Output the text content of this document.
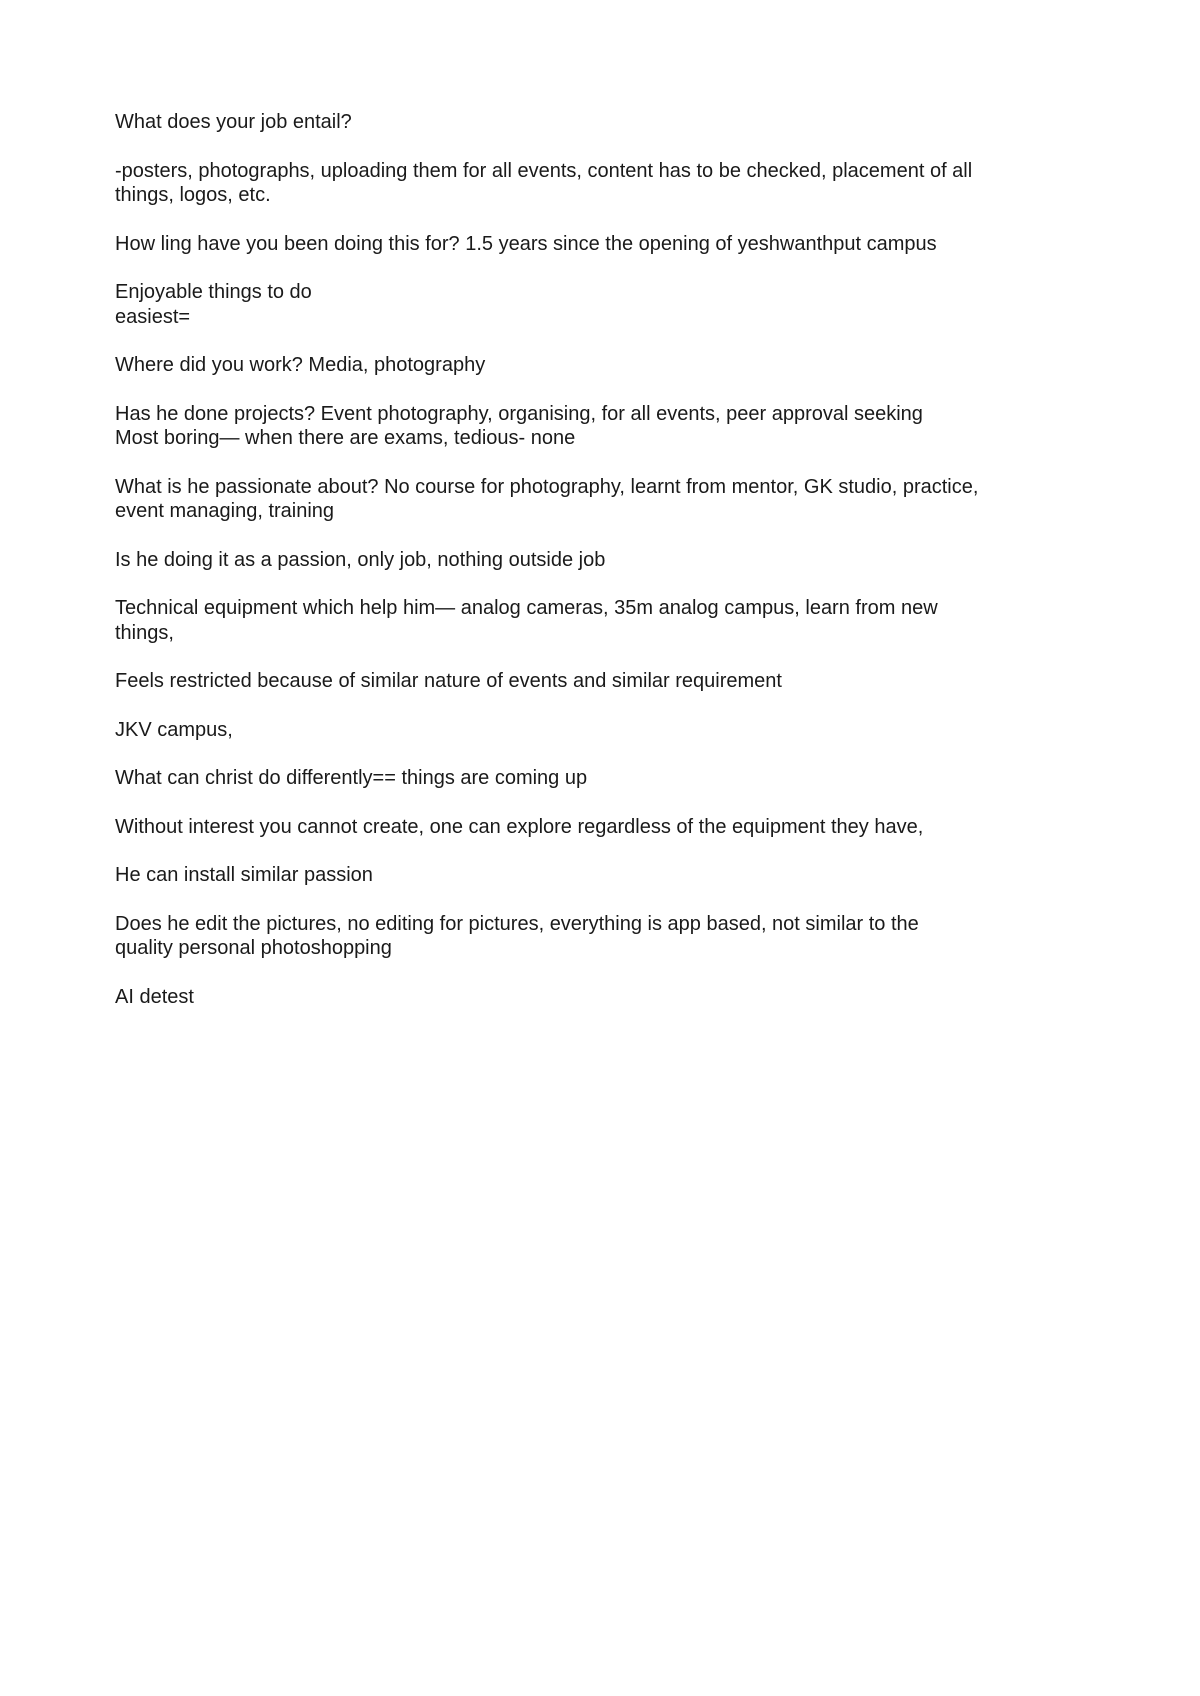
What does your job entail?

-posters, photographs, uploading them for all events, content has to be checked, placement of all
things, logos, etc.

How ling have you been doing this for? 1.5 years since the opening of yeshwanthput campus

Enjoyable things to do
easiest=

Where did you work? Media, photography

Has he done projects? Event photography, organising, for all events, peer approval seeking
Most boring— when there are exams, tedious- none

What is he passionate about? No course for photography, learnt from mentor, GK studio, practice,
event managing, training

Is he doing it as a passion, only job, nothing outside job

Technical equipment which help him— analog cameras, 35m analog campus, learn from new
things,

Feels restricted because of similar nature of events and similar requirement

JKV campus,

What can christ do differently== things are coming up

Without interest you cannot create, one can explore regardless of the equipment they have,

He can install similar passion

Does he edit the pictures, no editing for pictures, everything is app based, not similar to the
quality personal photoshopping

AI detest
